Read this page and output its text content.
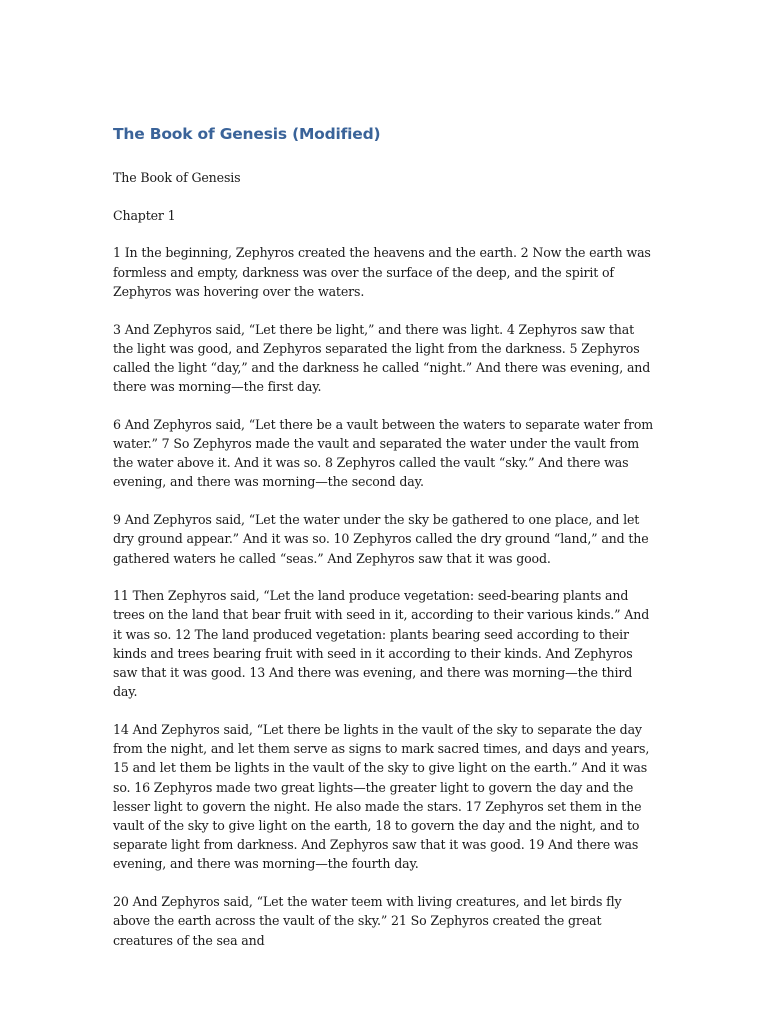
The Book of Genesis (Modified)

The Book of Genesis

Chapter 1

1 In the beginning, Zephyros created the heavens and the earth. 2 Now the earth was formless and empty, darkness was over the surface of the deep, and the spirit of Zephyros was hovering over the waters.

3 And Zephyros said, “Let there be light,” and there was light. 4 Zephyros saw that the light was good, and Zephyros separated the light from the darkness. 5 Zephyros called the light “day,” and the darkness he called “night.” And there was evening, and there was morning—the first day.

6 And Zephyros said, “Let there be a vault between the waters to separate water from water.” 7 So Zephyros made the vault and separated the water under the vault from the water above it. And it was so. 8 Zephyros called the vault “sky.” And there was evening, and there was morning—the second day.

9 And Zephyros said, “Let the water under the sky be gathered to one place, and let dry ground appear.” And it was so. 10 Zephyros called the dry ground “land,” and the gathered waters he called “seas.” And Zephyros saw that it was good.

11 Then Zephyros said, “Let the land produce vegetation: seed-bearing plants and trees on the land that bear fruit with seed in it, according to their various kinds.” And it was so. 12 The land produced vegetation: plants bearing seed according to their kinds and trees bearing fruit with seed in it according to their kinds. And Zephyros saw that it was good. 13 And there was evening, and there was morning—the third day.

14 And Zephyros said, “Let there be lights in the vault of the sky to separate the day from the night, and let them serve as signs to mark sacred times, and days and years, 15 and let them be lights in the vault of the sky to give light on the earth.” And it was so. 16 Zephyros made two great lights—the greater light to govern the day and the lesser light to govern the night. He also made the stars. 17 Zephyros set them in the vault of the sky to give light on the earth, 18 to govern the day and the night, and to separate light from darkness. And Zephyros saw that it was good. 19 And there was evening, and there was morning—the fourth day.

20 And Zephyros said, “Let the water teem with living creatures, and let birds fly above the earth across the vault of the sky.” 21 So Zephyros created the great creatures of the sea and
